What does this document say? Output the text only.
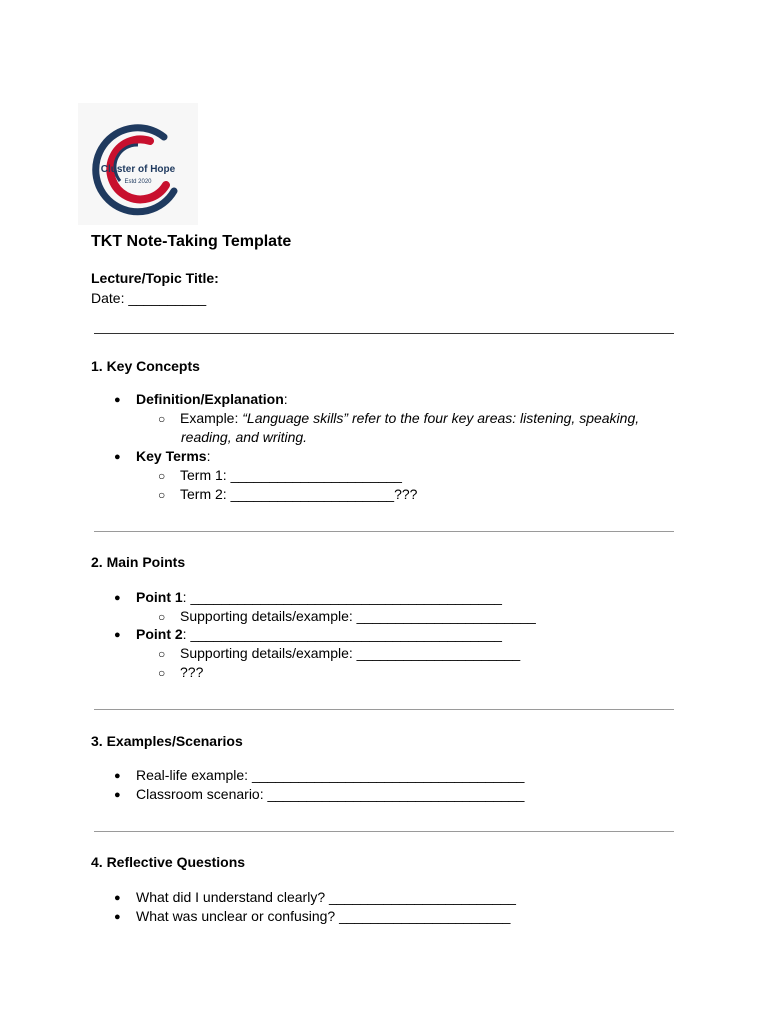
Cluster of Hope
Estd 2020
TKT Note-Taking Template
Lecture/Topic Title:
Date: __________
1. Key Concepts
● Definition/Explanation:
○ Example: “Language skills” refer to the four key areas: listening, speaking,
reading, and writing.
● Key Terms:
○ Term 1: ______________________
○ Term 2: _____________________???
2. Main Points
● Point 1: ________________________________________
○ Supporting details/example: _______________________
● Point 2: ________________________________________
○ Supporting details/example: _____________________
○ ???
3. Examples/Scenarios
● Real-life example: ___________________________________
● Classroom scenario: _________________________________
4. Reflective Questions
● What did I understand clearly? ________________________
● What was unclear or confusing? ______________________
